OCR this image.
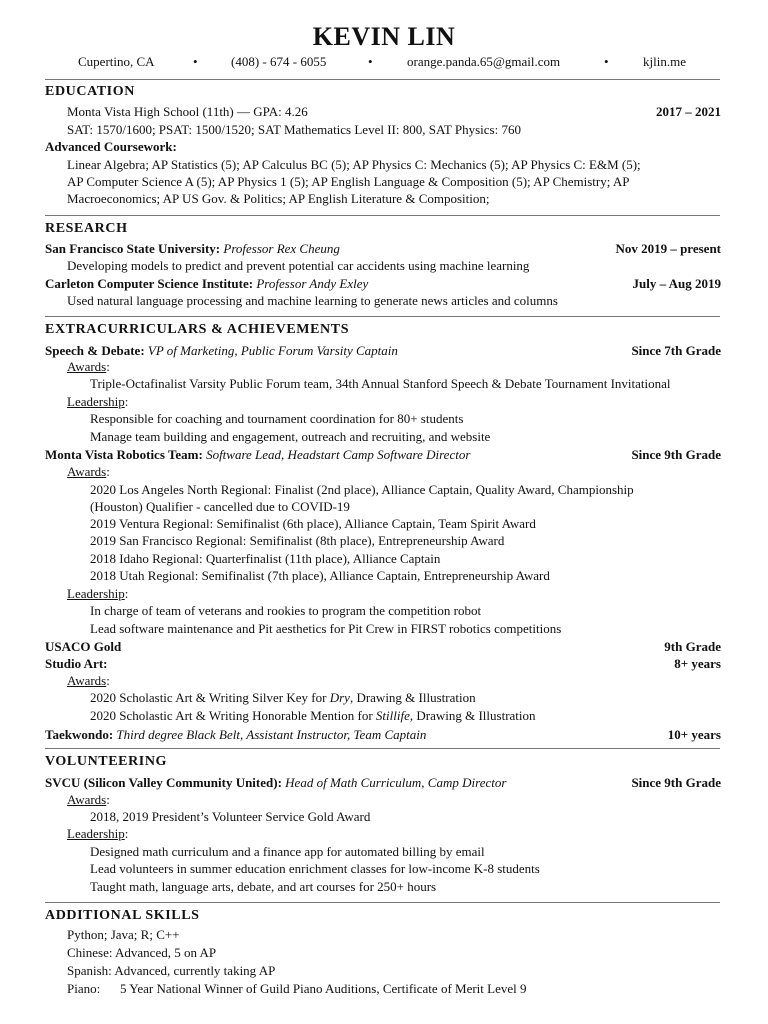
KEVIN LIN
Cupertino, CA	•	(408) - 674 - 6055	•	orange.panda.65@gmail.com	•	kjlin.me
EDUCATION
Monta Vista High School (11th) — GPA: 4.26	2017 – 2021
SAT: 1570/1600; PSAT: 1500/1520; SAT Mathematics Level II: 800, SAT Physics: 760
Advanced Coursework:
Linear Algebra; AP Statistics (5); AP Calculus BC (5); AP Physics C: Mechanics (5); AP Physics C: E&M (5);
AP Computer Science A (5); AP Physics 1 (5); AP English Language & Composition (5); AP Chemistry; AP
Macroeconomics; AP US Gov. & Politics; AP English Literature & Composition;
RESEARCH
San Francisco State University: Professor Rex Cheung	Nov 2019 – present
Developing models to predict and prevent potential car accidents using machine learning
Carleton Computer Science Institute: Professor Andy Exley	July – Aug 2019
Used natural language processing and machine learning to generate news articles and columns
EXTRACURRICULARS & ACHIEVEMENTS
Speech & Debate: VP of Marketing, Public Forum Varsity Captain	Since 7th Grade
Awards:
Triple-Octafinalist Varsity Public Forum team, 34th Annual Stanford Speech & Debate Tournament Invitational
Leadership:
Responsible for coaching and tournament coordination for 80+ students
Manage team building and engagement, outreach and recruiting, and website
Monta Vista Robotics Team: Software Lead, Headstart Camp Software Director	Since 9th Grade
Awards:
2020 Los Angeles North Regional: Finalist (2nd place), Alliance Captain, Quality Award, Championship
(Houston) Qualifier - cancelled due to COVID-19
2019 Ventura Regional: Semifinalist (6th place), Alliance Captain, Team Spirit Award
2019 San Francisco Regional: Semifinalist (8th place), Entrepreneurship Award
2018 Idaho Regional: Quarterfinalist (11th place), Alliance Captain
2018 Utah Regional: Semifinalist (7th place), Alliance Captain, Entrepreneurship Award
Leadership:
In charge of team of veterans and rookies to program the competition robot
Lead software maintenance and Pit aesthetics for Pit Crew in FIRST robotics competitions
USACO Gold	9th Grade
Studio Art:	8+ years
Awards:
2020 Scholastic Art & Writing Silver Key for Dry, Drawing & Illustration
2020 Scholastic Art & Writing Honorable Mention for Stillife, Drawing & Illustration
Taekwondo: Third degree Black Belt, Assistant Instructor, Team Captain	10+ years
VOLUNTEERING
SVCU (Silicon Valley Community United): Head of Math Curriculum, Camp Director	Since 9th Grade
Awards:
2018, 2019 President’s Volunteer Service Gold Award
Leadership:
Designed math curriculum and a finance app for automated billing by email
Lead volunteers in summer education enrichment classes for low-income K-8 students
Taught math, language arts, debate, and art courses for 250+ hours
ADDITIONAL SKILLS
Python; Java; R; C++
Chinese: Advanced, 5 on AP
Spanish: Advanced, currently taking AP
Piano: 5 Year National Winner of Guild Piano Auditions, Certificate of Merit Level 9
